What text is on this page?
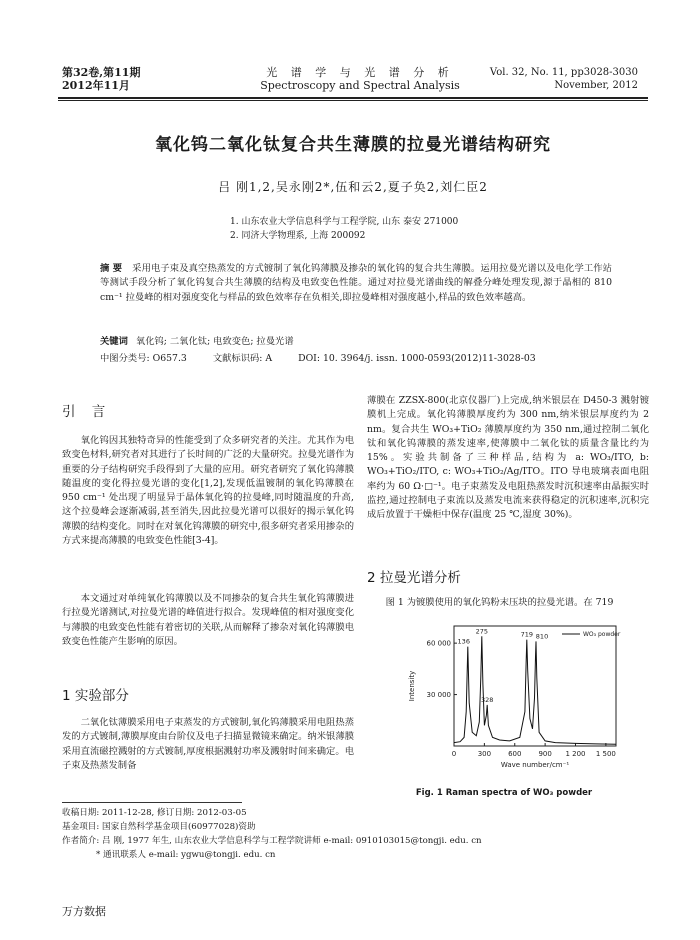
第32卷,第11期
2012年11月
光 谱 学 与 光 谱 分 析
Spectroscopy and Spectral Analysis
Vol. 32, No. 11, pp3028-3030
November, 2012
氧化钨二氧化钛复合共生薄膜的拉曼光谱结构研究
吕 刚1,2,吴永刚2*,伍和云2,夏子奂2,刘仁臣2
1. 山东农业大学信息科学与工程学院, 山东 泰安 271000
2. 同济大学物理系, 上海 200092
摘 要 采用电子束及真空热蒸发的方式镀制了氧化钨薄膜及掺杂的氧化钨的复合共生薄膜。运用拉曼光谱以及电化学工作站等测试手段分析了氧化钨复合共生薄膜的结构及电致变色性能。通过对拉曼光谱曲线的解叠分峰处理发现,源于晶相的 810 cm⁻¹ 拉曼峰的相对强度变化与样品的致色效率存在负相关,即拉曼峰相对强度越小,样品的致色效率越高。
关键词 氧化钨; 二氧化钛; 电致变色; 拉曼光谱
中图分类号: O657.3	文献标识码: A	DOI: 10. 3964/j. issn. 1000-0593(2012)11-3028-03
引 言
氧化钨因其独特奇异的性能受到了众多研究者的关注。尤其作为电致变色材料,研究者对其进行了长时间的广泛的大量研究。拉曼光谱作为重要的分子结构研究手段得到了大量的应用。研究者研究了氧化钨薄膜随温度的变化得拉曼光谱的变化[1,2],发现低温镀制的氧化钨薄膜在 950 cm⁻¹ 处出现了明显异于晶体氧化钨的拉曼峰,同时随温度的升高,这个拉曼峰会逐渐减弱,甚至消失,因此拉曼光谱可以很好的揭示氧化钨薄膜的结构变化。同时在对氧化钨薄膜的研究中,很多研究者采用掺杂的方式来提高薄膜的电致变色性能[3-4]。
本文通过对单纯氧化钨薄膜以及不同掺杂的复合共生氧化钨薄膜进行拉曼光谱测试,对拉曼光谱的峰值进行拟合。发现峰值的相对强度变化与薄膜的电致变色性能有着密切的关联,从而解释了掺杂对氧化钨薄膜电致变色性能产生影响的原因。
1 实验部分
二氧化钛薄膜采用电子束蒸发的方式镀制,氧化钨薄膜采用电阻热蒸发的方式镀制,薄膜厚度由台阶仪及电子扫描显微镜来确定。纳米银薄膜采用直流磁控溅射的方式镀制,厚度根据溅射功率及溅射时间来确定。电子束及热蒸发制备
薄膜在 ZZSX-800(北京仪器厂)上完成,纳米银层在 D450-3 溅射镀膜机上完成。氧化钨薄膜厚度约为 300 nm,纳米银层厚度约为 2 nm。复合共生 WO₃+TiO₂ 薄膜厚度约为 350 nm,通过控制二氧化钛和氧化钨薄膜的蒸发速率,使薄膜中二氧化钛的质量含量比约为 15%。实验共制备了三种样品,结构为 a: WO₃/ITO, b: WO₃+TiO₂/ITO, c: WO₃+TiO₂/Ag/ITO。ITO 导电玻璃表面电阻率约为 60 Ω·□⁻¹。电子束蒸发及电阻热蒸发时沉积速率由晶振实时监控,通过控制电子束流以及蒸发电流来获得稳定的沉积速率,沉积完成后放置于干燥柜中保存(温度 25 ℃,湿度 30%)。
2 拉曼光谱分析
图 1 为镀膜使用的氧化钨粉末压块的拉曼光谱。在 719
0	300 600 900 1 200 1 500
30 000
60 000
Wave number/cm⁻¹
Intensity
136
275
328
719 810	WO₃ powder
Fig. 1 Raman spectra of WO₃ powder
收稿日期: 2011-12-28, 修订日期: 2012-03-05
基金项目: 国家自然科学基金项目(60977028)资助
作者简介: 吕 刚, 1977 年生, 山东农业大学信息科学与工程学院讲师 e-mail: 0910103015@tongji. edu. cn
* 通讯联系人 e-mail: ygwu@tongji. edu. cn
万方数据
